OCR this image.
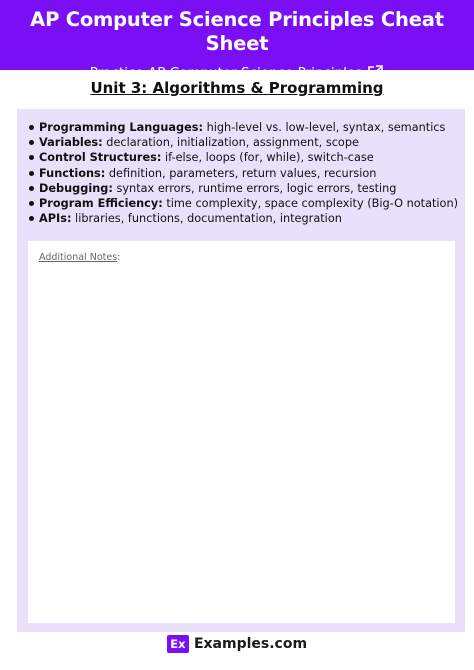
AP Computer Science Principles Cheat Sheet
Practice AP Computer Science Principles
Unit 3: Algorithms & Programming
Programming Languages: high-level vs. low-level, syntax, semantics
Variables: declaration, initialization, assignment, scope
Control Structures: if-else, loops (for, while), switch-case
Functions: definition, parameters, return values, recursion
Debugging: syntax errors, runtime errors, logic errors, testing
Program Efficiency: time complexity, space complexity (Big-O notation)
APIs: libraries, functions, documentation, integration
Additional Notes:
Ex Examples.com
